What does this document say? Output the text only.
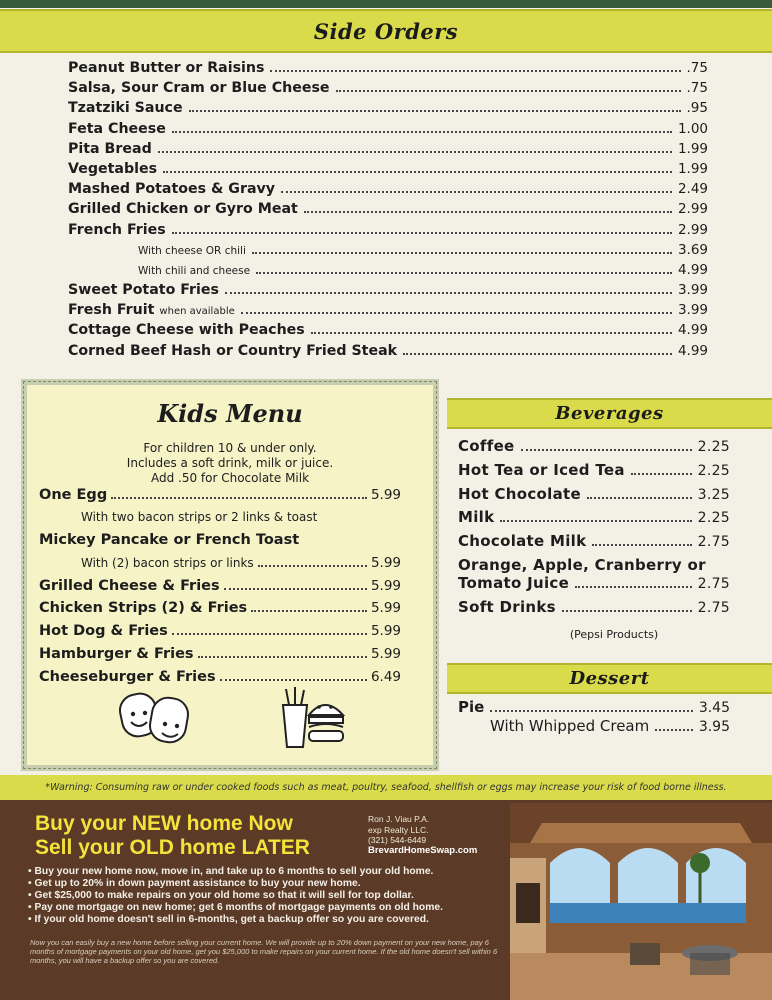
Side Orders
Peanut Butter or Raisins	.75
Salsa, Sour Cram or Blue Cheese	.75
Tzatziki Sauce	.95
Feta Cheese	1.00
Pita Bread	1.99
Vegetables	1.99
Mashed Potatoes & Gravy	2.49
Grilled Chicken or Gyro Meat	2.99
French Fries	2.99
With cheese OR chili	3.69
With chili and cheese	4.99
Sweet Potato Fries	3.99
Fresh Fruit when available	3.99
Cottage Cheese with Peaches	4.99
Corned Beef Hash or Country Fried Steak	4.99
Kids Menu
For children 10 & under only.
Includes a soft drink, milk or juice.
Add .50 for Chocolate Milk
One Egg	5.99
With two bacon strips or 2 links & toast
Mickey Pancake or French Toast
With (2) bacon strips or links	5.99
Grilled Cheese & Fries	5.99
Chicken Strips (2) & Fries	5.99
Hot Dog & Fries	5.99
Hamburger & Fries	5.99
Cheeseburger & Fries	6.49
Beverages
Coffee	2.25
Hot Tea or Iced Tea	2.25
Hot Chocolate	3.25
Milk	2.25
Chocolate Milk	2.75
Orange, Apple, Cranberry or
Tomato Juice	2.75
Soft Drinks	2.75
(Pepsi Products)
Dessert
Pie	3.45
With Whipped Cream	3.95
*Warning: Consuming raw or under cooked foods such as meat, poultry, seafood, shellfish or eggs may increase your risk of food borne illness.
Buy your NEW home Now
Sell your OLD home LATER
Ron J. Viau P.A.
exp Realty LLC.
(321) 544-6449
BrevardHomeSwap.com
• Buy your new home now, move in, and take up to 6 months to sell your old home.
• Get up to 20% in down payment assistance to buy your new home.
• Get $25,000 to make repairs on your old home so that it will sell for top dollar.
• Pay one mortgage on new home; get 6 months of mortgage payments on old home.
• If your old home doesn't sell in 6-months, get a backup offer so you are covered.
Now you can easily buy a new home before selling your current home. We will provide up to 20% down payment on your new home, pay 6 months of mortgage payments on your old home, get you $25,000 to make repairs on your current home. If the old home doesn't sell within 6 months, you will have a backup offer so you are covered.
